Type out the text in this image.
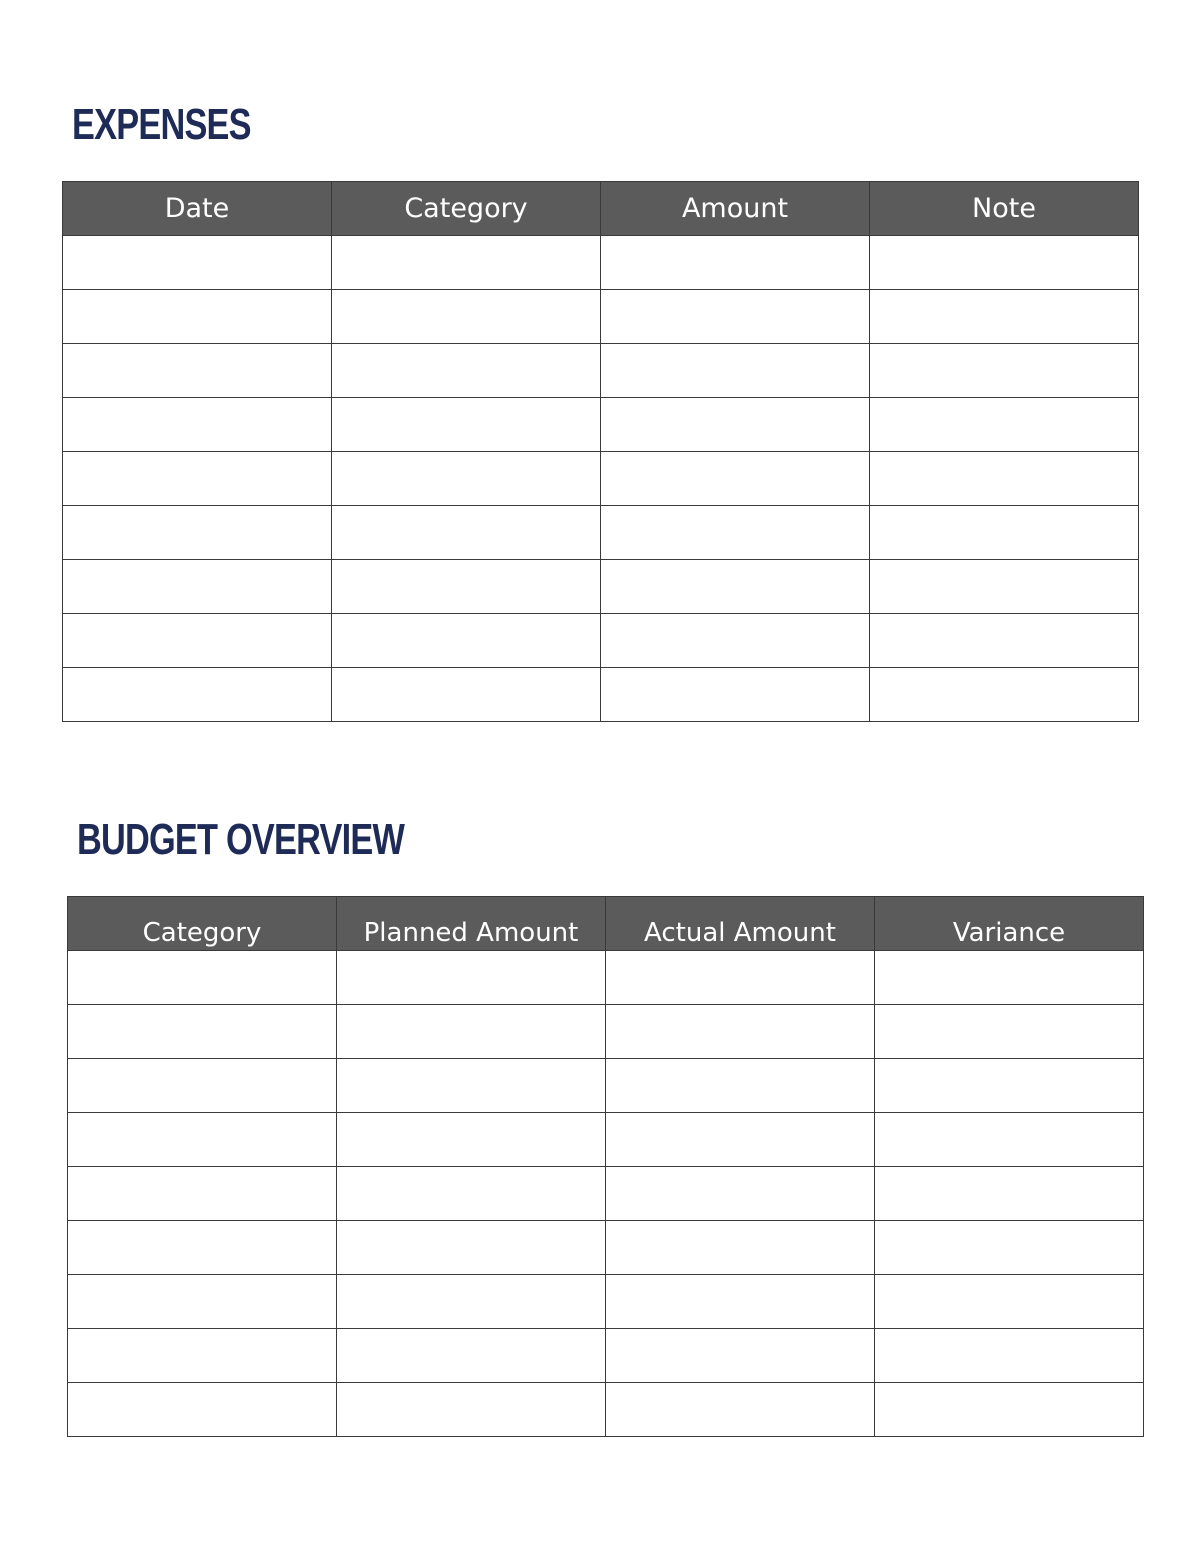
EXPENSES
Date	Category	Amount	Note

BUDGET OVERVIEW
Category	Planned Amount	Actual Amount	Variance
